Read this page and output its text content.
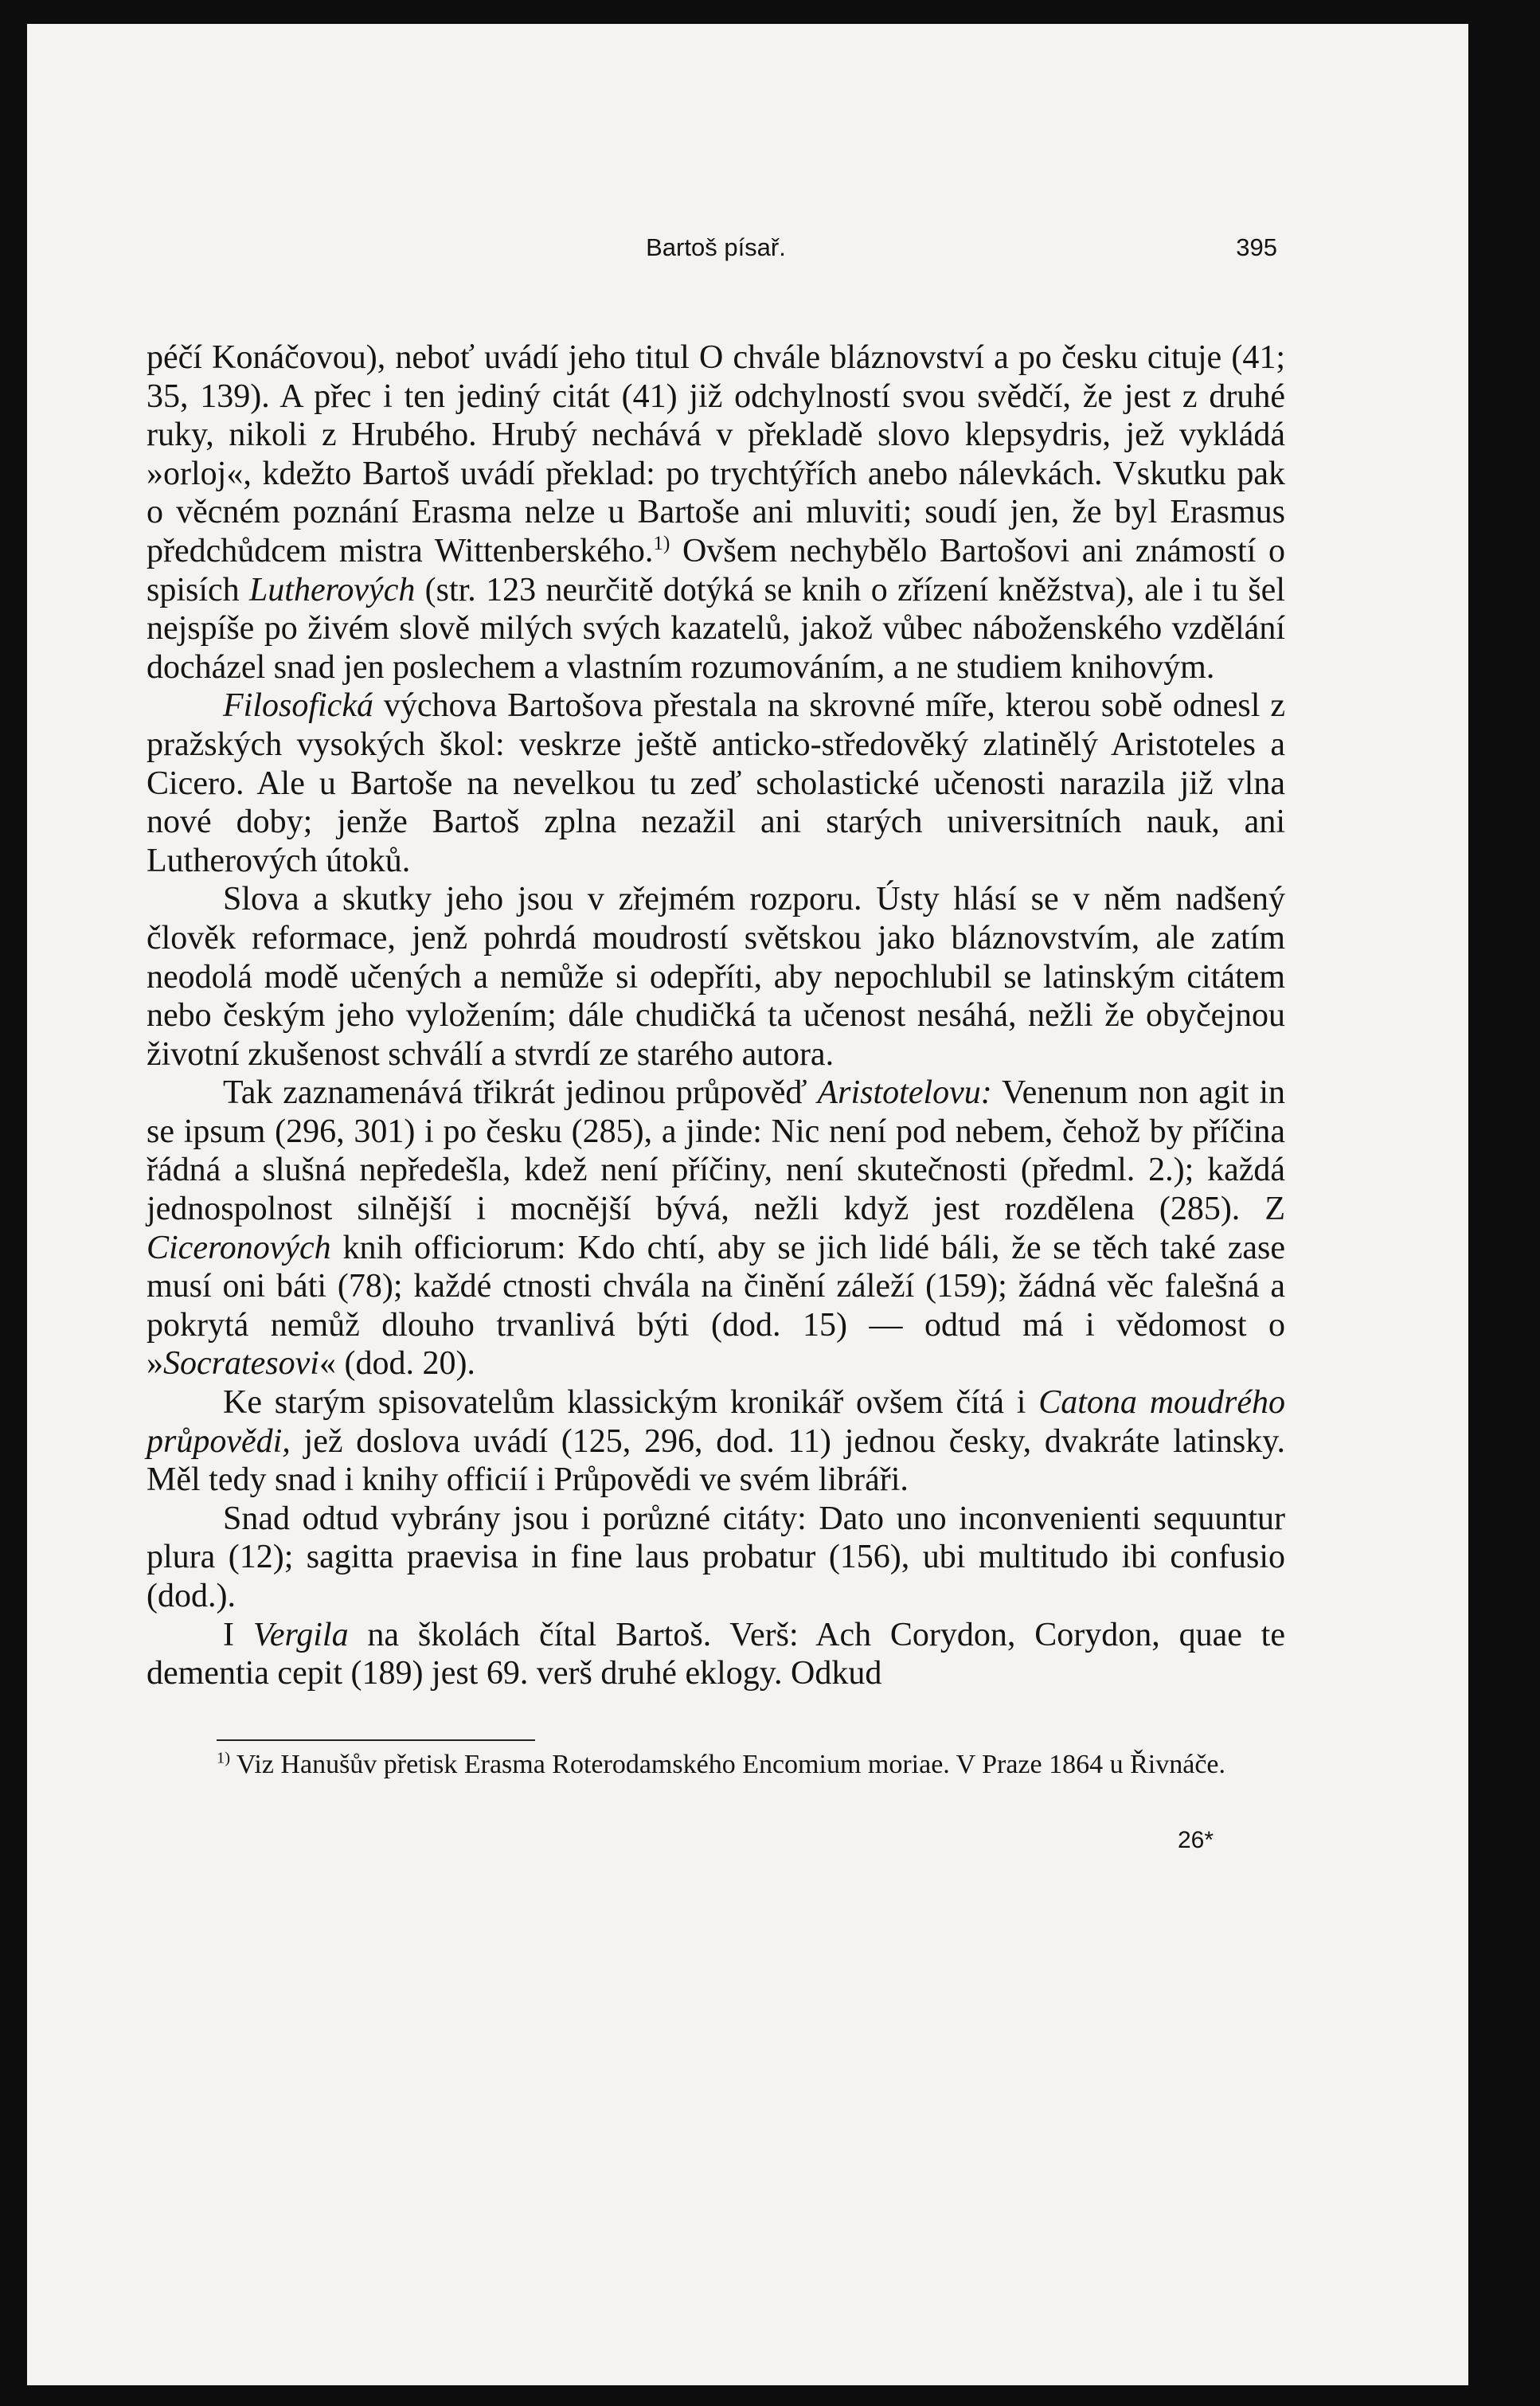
Bartoš písař.	395

péčí Konáčovou), neboť uvádí jeho titul O chvále bláznovství a po česku cituje (41; 35, 139). A přec i ten jediný citát (41) již odchylností svou svědčí, že jest z druhé ruky, nikoli z Hrubého. Hrubý nechává v překladě slovo klepsydris, jež vykládá »orloj«, kdežto Bartoš uvádí překlad: po trychtýřích anebo nálevkách. Vskutku pak o věcném poznání Erasma nelze u Bartoše ani mluviti; soudí jen, že byl Erasmus předchůdcem mistra Wittenberského.$^{1)}$ Ovšem nechybělo Bartošovi ani známostí o spisích Lutherových (str. 123 neurčitě dotýká se knih o zřízení kněžstva), ale i tu šel nejspíše po živém slově milých svých kazatelů, jakož vůbec náboženského vzdělání docházel snad jen poslechem a vlastním rozumováním, a ne studiem knihovým.

Filosofická výchova Bartošova přestala na skrovné míře, kterou sobě odnesl z pražských vysokých škol: veskrze ještě anticko-středověký zlatinělý Aristoteles a Cicero. Ale u Bartoše na nevelkou tu zeď scholastické učenosti narazila již vlna nové doby; jenže Bartoš zplna nezažil ani starých universitních nauk, ani Lutherových útoků.

Slova a skutky jeho jsou v zřejmém rozporu. Ústy hlásí se v něm nadšený člověk reformace, jenž pohrdá moudrostí světskou jako bláznovstvím, ale zatím neodolá modě učených a nemůže si odepříti, aby nepochlubil se latinským citátem nebo českým jeho vyložením; dále chudičká ta učenost nesáhá, nežli že obyčejnou životní zkušenost schválí a stvrdí ze starého autora.

Tak zaznamenává třikrát jedinou průpověď Aristotelovu: Venenum non agit in se ipsum (296, 301) i po česku (285), a jinde: Nic není pod nebem, čehož by příčina řádná a slušná nepředešla, kdež není příčiny, není skutečnosti (předml. 2.); každá jednospolnost silnější i mocnější bývá, nežli když jest rozdělena (285). Z Ciceronových knih officiorum: Kdo chtí, aby se jich lidé báli, že se těch také zase musí oni báti (78); každé ctnosti chvála na činění záleží (159); žádná věc falešná a pokrytá nemůž dlouho trvanlivá býti (dod. 15) — odtud má i vědomost o »Socratesovi« (dod. 20).

Ke starým spisovatelům klassickým kronikář ovšem čítá i Catona moudrého průpovědi, jež doslova uvádí (125, 296, dod. 11) jednou česky, dvakráte latinsky. Měl tedy snad i knihy officií i Průpovědi ve svém libráři.

Snad odtud vybrány jsou i porůzné citáty: Dato uno inconvenienti sequuntur plura (12); sagitta praevisa in fine laus probatur (156), ubi multitudo ibi confusio (dod.).

I Vergila na školách čítal Bartoš. Verš: Ach Corydon, Corydon, quae te dementia cepit (189) jest 69. verš druhé eklogy. Odkud

$^{1)}$ Viz Hanušův přetisk Erasma Roterodamského Encomium moriae. V Praze 1864 u Řivnáče.

26*
